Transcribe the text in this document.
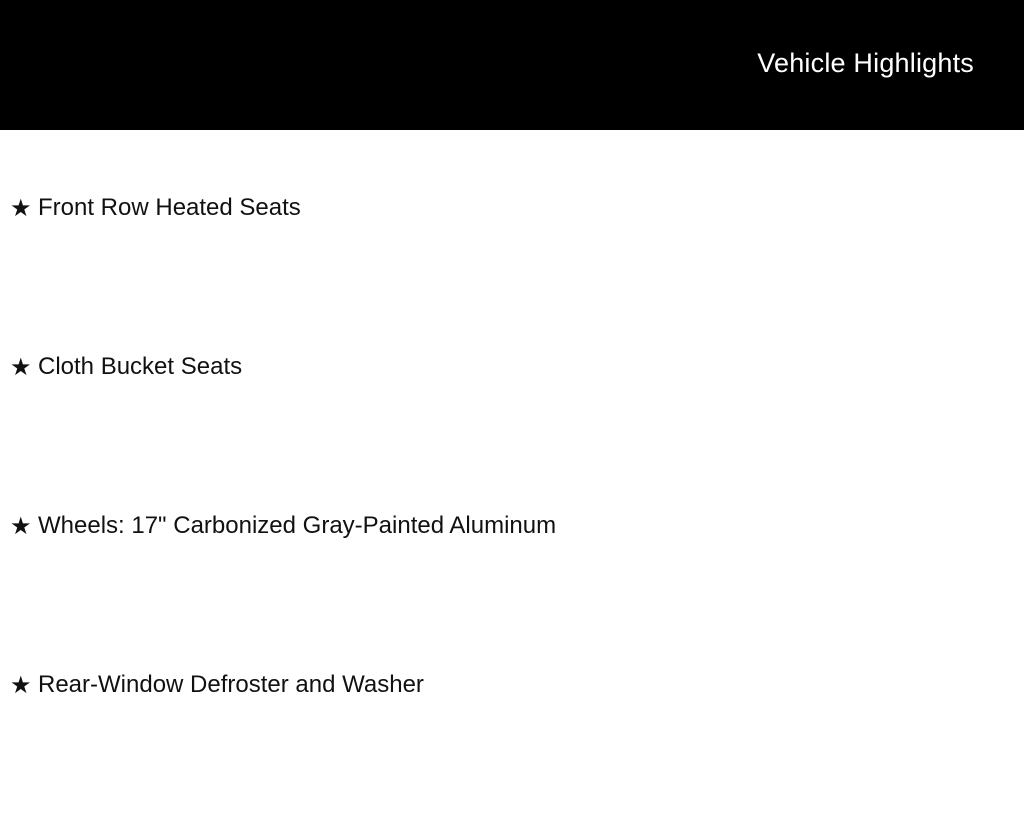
Vehicle Highlights
★ Front Row Heated Seats
★ Cloth Bucket Seats
★ Wheels: 17" Carbonized Gray-Painted Aluminum
★ Rear-Window Defroster and Washer
